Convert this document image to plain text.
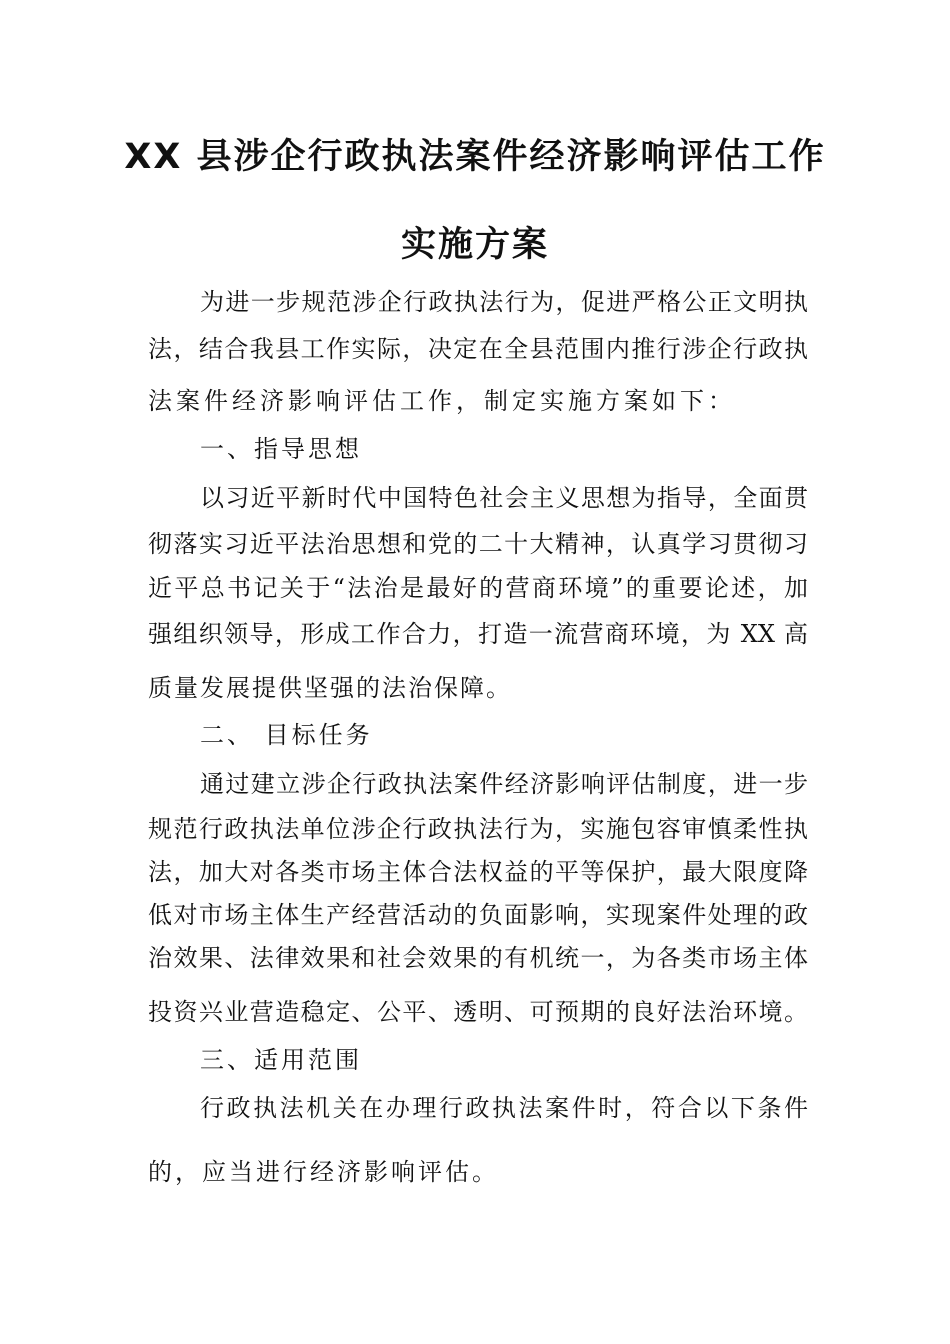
XX 县涉企行政执法案件经济影响评估工作
实施方案
为进一步规范涉企行政执法行为，促进严格公正文明执
法，结合我县工作实际，决定在全县范围内推行涉企行政执
法案件经济影响评估工作，制定实施方案如下：
一、指导思想
以习近平新时代中国特色社会主义思想为指导，全面贯
彻落实习近平法治思想和党的二十大精神，认真学习贯彻习
近平总书记关于“法治是最好的营商环境”的重要论述，加
强组织领导，形成工作合力，打造一流营商环境，为 XX 高
质量发展提供坚强的法治保障。
二、 目标任务
通过建立涉企行政执法案件经济影响评估制度，进一步
规范行政执法单位涉企行政执法行为，实施包容审慎柔性执
法，加大对各类市场主体合法权益的平等保护，最大限度降
低对市场主体生产经营活动的负面影响，实现案件处理的政
治效果、法律效果和社会效果的有机统一，为各类市场主体
投资兴业营造稳定、公平、透明、可预期的良好法治环境。
三、适用范围
行政执法机关在办理行政执法案件时，符合以下条件
的，应当进行经济影响评估。
